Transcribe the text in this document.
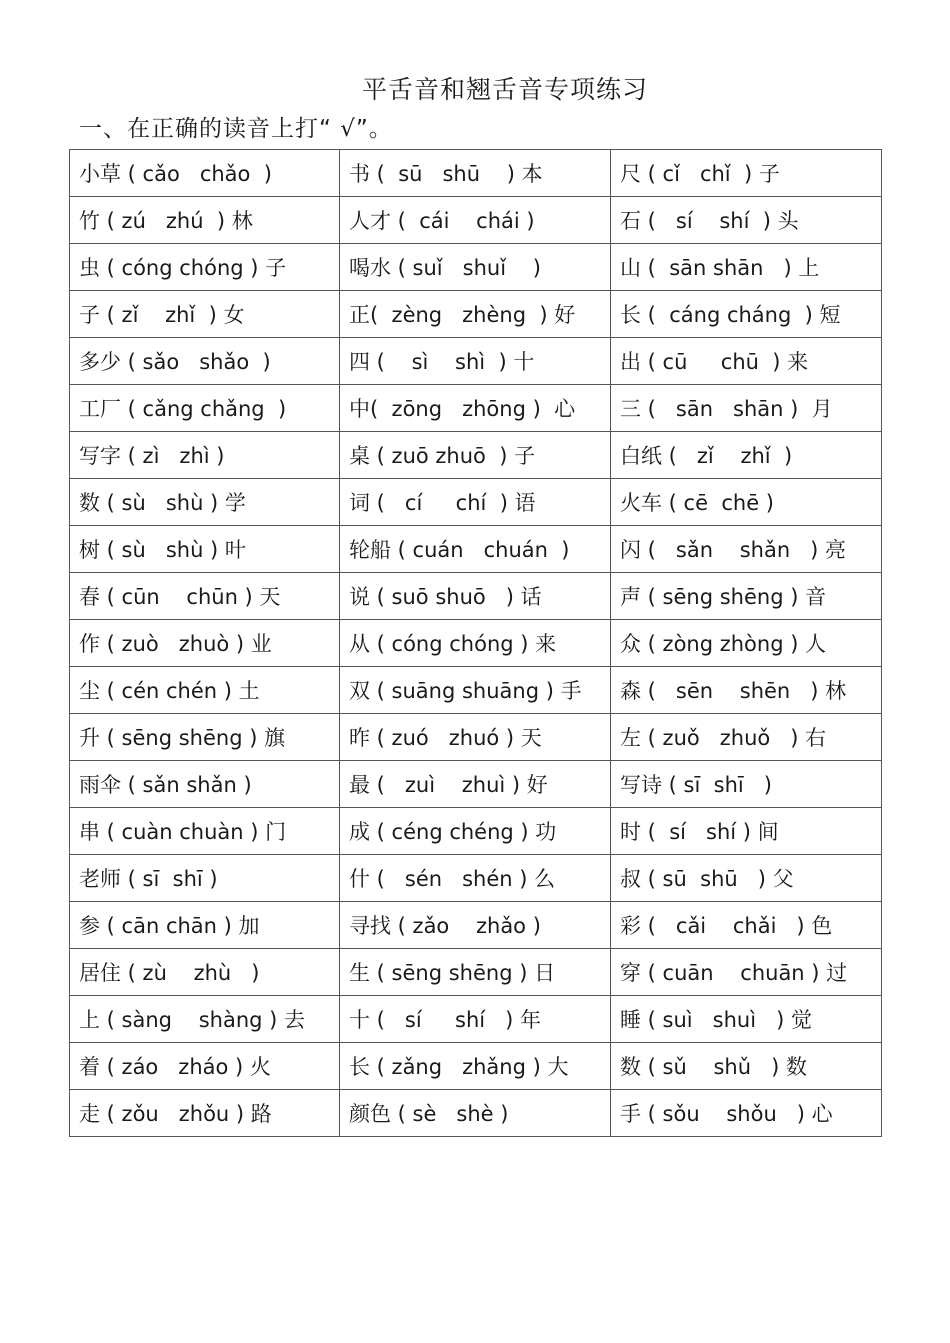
平舌音和翘舌音专项练习
一、在正确的读音上打“ √”。
小草 ( cǎo   chǎo  )	书 (  sū   shū    ) 本	尺 ( cǐ   chǐ  ) 子
竹 ( zú   zhú  ) 林	人才 (  cái    chái )	石 (   sí    shí  ) 头
虫 ( cóng chóng ) 子	喝水 ( suǐ   shuǐ    )	山 (  sān shān   ) 上
子 ( zǐ    zhǐ  ) 女	正(  zèng   zhèng  ) 好	长 (  cáng cháng  ) 短
多少 ( sǎo   shǎo  )	四 (    sì    shì  ) 十	出 ( cū     chū  ) 来
工厂 ( cǎng chǎng  )	中(  zōng   zhōng )  心	三 (   sān   shān )  月
写字 ( zì   zhì )	桌 ( zuō zhuō  ) 子	白纸 (   zǐ    zhǐ  )
数 ( sù   shù ) 学	词 (   cí     chí  ) 语	火车 ( cē  chē )
树 ( sù   shù ) 叶	轮船 ( cuán   chuán  )	闪 (   sǎn    shǎn   ) 亮
春 ( cūn    chūn ) 天	说 ( suō shuō   ) 话	声 ( sēng shēng ) 音
作 ( zuò   zhuò ) 业	从 ( cóng chóng ) 来	众 ( zòng zhòng ) 人
尘 ( cén chén ) 土	双 ( suāng shuāng ) 手	森 (   sēn    shēn   ) 林
升 ( sēng shēng ) 旗	昨 ( zuó   zhuó ) 天	左 ( zuǒ   zhuǒ   ) 右
雨伞 ( sǎn shǎn )	最 (   zuì    zhuì ) 好	写诗 ( sī  shī   )
串 ( cuàn chuàn ) 门	成 ( céng chéng ) 功	时 (  sí   shí ) 间
老师 ( sī  shī )	什 (   sén   shén ) 么	叔 ( sū  shū   ) 父
参 ( cān chān ) 加	寻找 ( zǎo    zhǎo )	彩 (   cǎi    chǎi   ) 色
居住 ( zù    zhù   )	生 ( sēng shēng ) 日	穿 ( cuān    chuān ) 过
上 ( sàng    shàng ) 去	十 (   sí     shí   ) 年	睡 ( suì   shuì   ) 觉
着 ( záo   zháo ) 火	长 ( zǎng   zhǎng ) 大	数 ( sǔ    shǔ   ) 数
走 ( zǒu   zhǒu ) 路	颜色 ( sè   shè )	手 ( sǒu    shǒu   ) 心
